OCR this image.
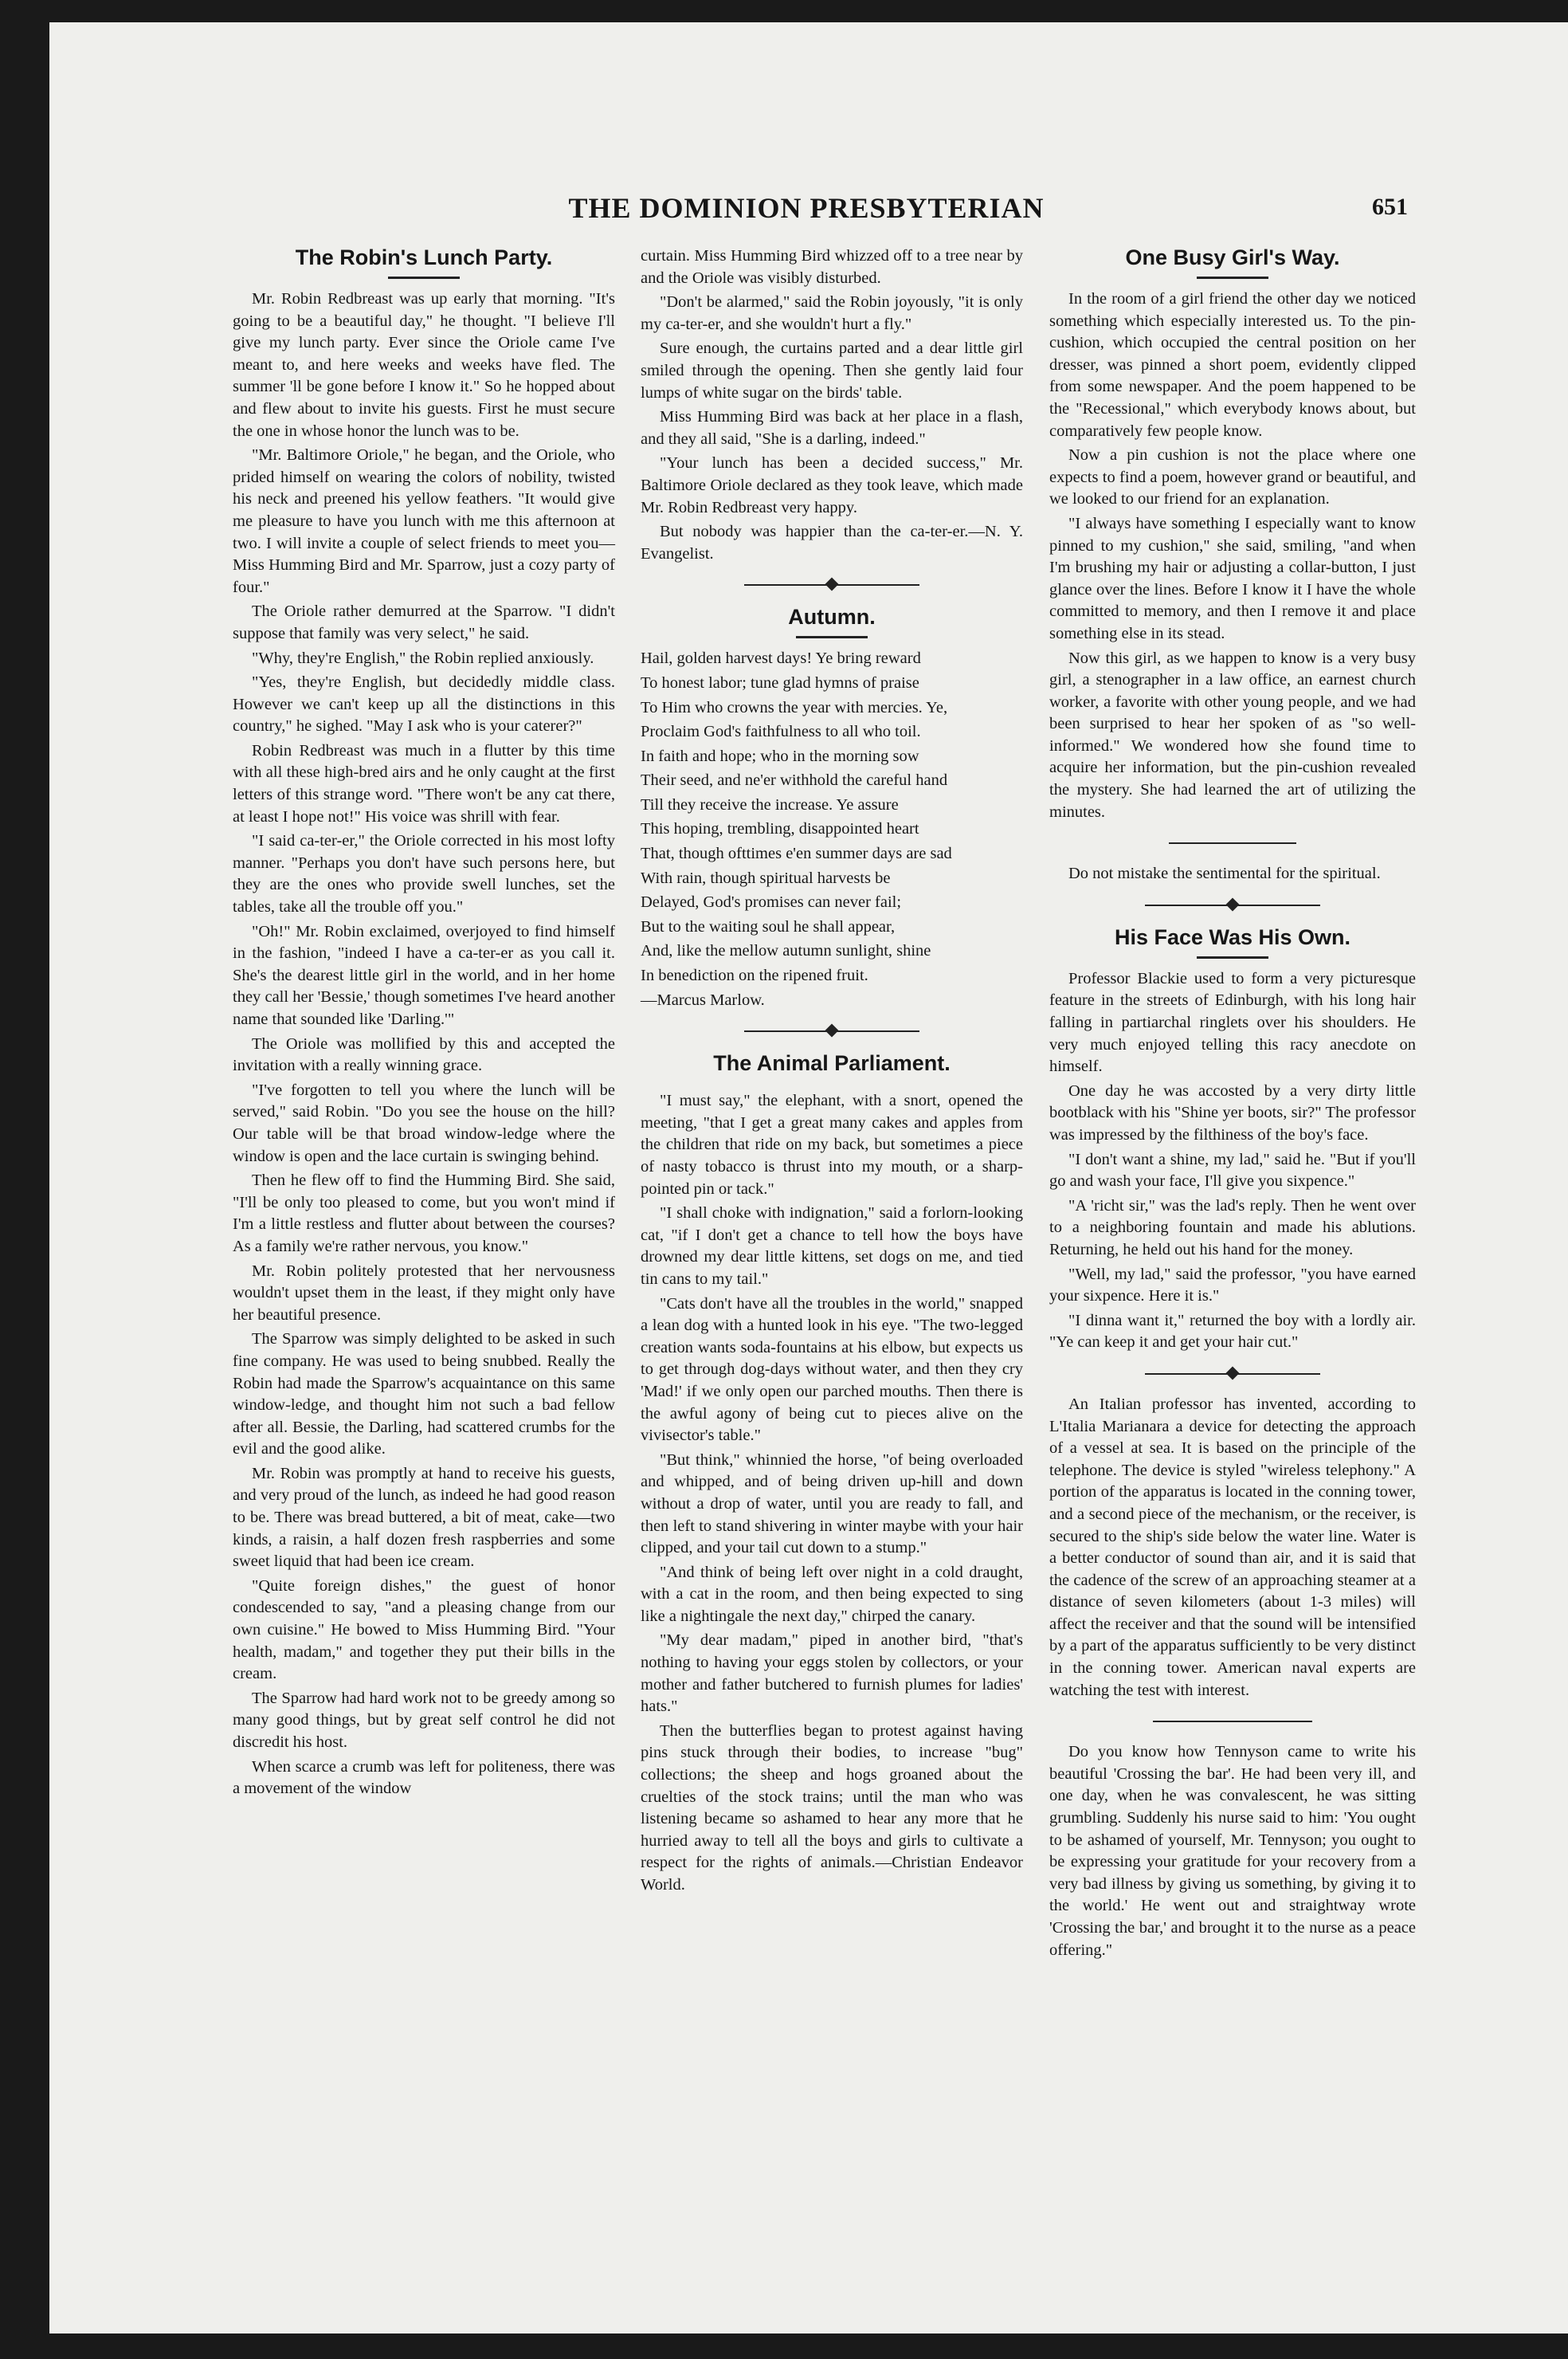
THE DOMINION PRESBYTERIAN	651
The Robin's Lunch Party.

Mr. Robin Redbreast was up early that morning. "It's going to be a beautiful day," he thought. "I believe I'll give my lunch party. Ever since the Oriole came I've meant to, and here weeks and weeks have fled. The summer 'll be gone before I know it." So he hopped about and flew about to invite his guests. First he must secure the one in whose honor the lunch was to be.

"Mr. Baltimore Oriole," he began, and the Oriole, who prided himself on wearing the colors of nobility, twisted his neck and preened his yellow feathers. "It would give me pleasure to have you lunch with me this afternoon at two. I will invite a couple of select friends to meet you—Miss Humming Bird and Mr. Sparrow, just a cozy party of four."

The Oriole rather demurred at the Sparrow. "I didn't suppose that family was very select," he said.

"Why, they're English," the Robin replied anxiously.

"Yes, they're English, but decidedly middle class. However we can't keep up all the distinctions in this country," he sighed. "May I ask who is your caterer?"

Robin Redbreast was much in a flutter by this time with all these high-bred airs and he only caught at the first letters of this strange word. "There won't be any cat there, at least I hope not!" His voice was shrill with fear.

"I said ca-ter-er," the Oriole corrected in his most lofty manner. "Perhaps you don't have such persons here, but they are the ones who provide swell lunches, set the tables, take all the trouble off you."

"Oh!" Mr. Robin exclaimed, overjoyed to find himself in the fashion, "indeed I have a ca-ter-er as you call it. She's the dearest little girl in the world, and in her home they call her 'Bessie,' though sometimes I've heard another name that sounded like 'Darling.'"

The Oriole was mollified by this and accepted the invitation with a really winning grace.

"I've forgotten to tell you where the lunch will be served," said Robin. "Do you see the house on the hill? Our table will be that broad window-ledge where the window is open and the lace curtain is swinging behind.

Then he flew off to find the Humming Bird. She said, "I'll be only too pleased to come, but you won't mind if I'm a little restless and flutter about between the courses? As a family we're rather nervous, you know."

Mr. Robin politely protested that her nervousness wouldn't upset them in the least, if they might only have her beautiful presence.

The Sparrow was simply delighted to be asked in such fine company. He was used to being snubbed. Really the Robin had made the Sparrow's acquaintance on this same window-ledge, and thought him not such a bad fellow after all. Bessie, the Darling, had scattered crumbs for the evil and the good alike.

Mr. Robin was promptly at hand to receive his guests, and very proud of the lunch, as indeed he had good reason to be. There was bread buttered, a bit of meat, cake—two kinds, a raisin, a half dozen fresh raspberries and some sweet liquid that had been ice cream.

"Quite foreign dishes," the guest of honor condescended to say, "and a pleasing change from our own cuisine." He bowed to Miss Humming Bird. "Your health, madam," and together they put their bills in the cream.

The Sparrow had hard work not to be greedy among so many good things, but by great self control he did not discredit his host.

When scarce a crumb was left for politeness, there was a movement of the window

curtain. Miss Humming Bird whizzed off to a tree near by and the Oriole was visibly disturbed.

"Don't be alarmed," said the Robin joyously, "it is only my ca-ter-er, and she wouldn't hurt a fly."

Sure enough, the curtains parted and a dear little girl smiled through the opening. Then she gently laid four lumps of white sugar on the birds' table.

Miss Humming Bird was back at her place in a flash, and they all said, "She is a darling, indeed."

"Your lunch has been a decided success," Mr. Baltimore Oriole declared as they took leave, which made Mr. Robin Redbreast very happy.

But nobody was happier than the ca-ter-er.—N. Y. Evangelist.

Autumn.

Hail, golden harvest days! Ye bring reward

To honest labor; tune glad hymns of praise

To Him who crowns the year with mercies. Ye,

Proclaim God's faithfulness to all who toil.

In faith and hope; who in the morning sow

Their seed, and ne'er withhold the careful hand

Till they receive the increase. Ye assure

This hoping, trembling, disappointed heart

That, though ofttimes e'en summer days are sad

With rain, though spiritual harvests be

Delayed, God's promises can never fail;

But to the waiting soul he shall appear,

And, like the mellow autumn sunlight, shine

In benediction on the ripened fruit.

—Marcus Marlow.

The Animal Parliament.

"I must say," the elephant, with a snort, opened the meeting, "that I get a great many cakes and apples from the children that ride on my back, but sometimes a piece of nasty tobacco is thrust into my mouth, or a sharp-pointed pin or tack."

"I shall choke with indignation," said a forlorn-looking cat, "if I don't get a chance to tell how the boys have drowned my dear little kittens, set dogs on me, and tied tin cans to my tail."

"Cats don't have all the troubles in the world," snapped a lean dog with a hunted look in his eye. "The two-legged creation wants soda-fountains at his elbow, but expects us to get through dog-days without water, and then they cry 'Mad!' if we only open our parched mouths. Then there is the awful agony of being cut to pieces alive on the vivisector's table."

"But think," whinnied the horse, "of being overloaded and whipped, and of being driven up-hill and down without a drop of water, until you are ready to fall, and then left to stand shivering in winter maybe with your hair clipped, and your tail cut down to a stump."

"And think of being left over night in a cold draught, with a cat in the room, and then being expected to sing like a nightingale the next day," chirped the canary.

"My dear madam," piped in another bird, "that's nothing to having your eggs stolen by collectors, or your mother and father butchered to furnish plumes for ladies' hats."

Then the butterflies began to protest against having pins stuck through their bodies, to increase "bug" collections; the sheep and hogs groaned about the cruelties of the stock trains; until the man who was listening became so ashamed to hear any more that he hurried away to tell all the boys and girls to cultivate a respect for the rights of animals.—Christian Endeavor World.

One Busy Girl's Way.

In the room of a girl friend the other day we noticed something which especially interested us. To the pin-cushion, which occupied the central position on her dresser, was pinned a short poem, evidently clipped from some newspaper. And the poem happened to be the "Recessional," which everybody knows about, but comparatively few people know.

Now a pin cushion is not the place where one expects to find a poem, however grand or beautiful, and we looked to our friend for an explanation.

"I always have something I especially want to know pinned to my cushion," she said, smiling, "and when I'm brushing my hair or adjusting a collar-button, I just glance over the lines. Before I know it I have the whole committed to memory, and then I remove it and place something else in its stead.

Now this girl, as we happen to know is a very busy girl, a stenographer in a law office, an earnest church worker, a favorite with other young people, and we had been surprised to hear her spoken of as "so well-informed." We wondered how she found time to acquire her information, but the pin-cushion revealed the mystery. She had learned the art of utilizing the minutes.

Do not mistake the sentimental for the spiritual.

His Face Was His Own.

Professor Blackie used to form a very picturesque feature in the streets of Edinburgh, with his long hair falling in partiarchal ringlets over his shoulders. He very much enjoyed telling this racy anecdote on himself.

One day he was accosted by a very dirty little bootblack with his "Shine yer boots, sir?" The professor was impressed by the filthiness of the boy's face.

"I don't want a shine, my lad," said he. "But if you'll go and wash your face, I'll give you sixpence."

"A 'richt sir," was the lad's reply. Then he went over to a neighboring fountain and made his ablutions. Returning, he held out his hand for the money.

"Well, my lad," said the professor, "you have earned your sixpence. Here it is."

"I dinna want it," returned the boy with a lordly air. "Ye can keep it and get your hair cut."

An Italian professor has invented, according to L'Italia Marianara a device for detecting the approach of a vessel at sea. It is based on the principle of the telephone. The device is styled "wireless telephony." A portion of the apparatus is located in the conning tower, and a second piece of the mechanism, or the receiver, is secured to the ship's side below the water line. Water is a better conductor of sound than air, and it is said that the cadence of the screw of an approaching steamer at a distance of seven kilometers (about 1-3 miles) will affect the receiver and that the sound will be intensified by a part of the apparatus sufficiently to be very distinct in the conning tower. American naval experts are watching the test with interest.

Do you know how Tennyson came to write his beautiful 'Crossing the bar'. He had been very ill, and one day, when he was convalescent, he was sitting grumbling. Suddenly his nurse said to him: 'You ought to be ashamed of yourself, Mr. Tennyson; you ought to be expressing your gratitude for your recovery from a very bad illness by giving us something, by giving it to the world.' He went out and straightway wrote 'Crossing the bar,' and brought it to the nurse as a peace offering."
